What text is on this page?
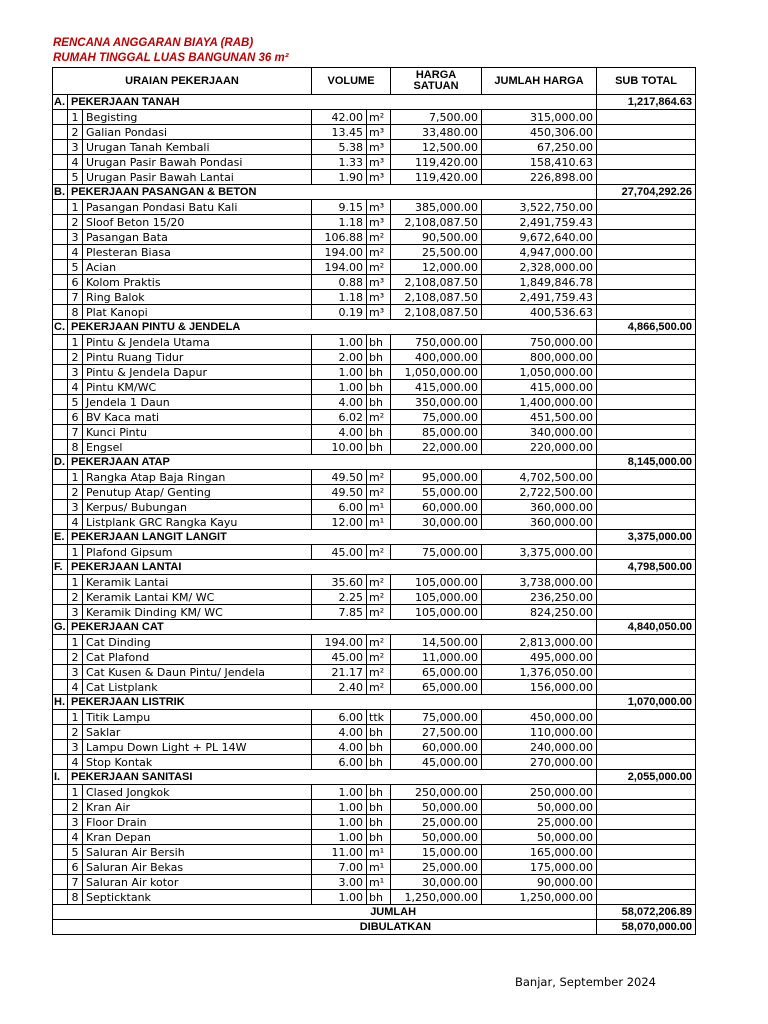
RENCANA ANGGARAN BIAYA (RAB)
RUMAH TINGGAL LUAS BANGUNAN 36 m²
URAIAN PEKERJAAN			VOLUME		HARGA SATUAN	JUMLAH HARGA	SUB TOTAL
A.	PEKERJAAN TANAH						1,217,864.63
	1	Begisting	42.00	m²	7,500.00	315,000.00	
	2	Galian Pondasi	13.45	m³	33,480.00	450,306.00	
	3	Urugan Tanah Kembali	5.38	m³	12,500.00	67,250.00	
	4	Urugan Pasir Bawah Pondasi	1.33	m³	119,420.00	158,410.63	
	5	Urugan Pasir Bawah Lantai	1.90	m³	119,420.00	226,898.00	
B.	PEKERJAAN PASANGAN & BETON						27,704,292.26
	1	Pasangan Pondasi Batu Kali	9.15	m³	385,000.00	3,522,750.00	
	2	Sloof Beton 15/20	1.18	m³	2,108,087.50	2,491,759.43	
	3	Pasangan Bata	106.88	m²	90,500.00	9,672,640.00	
	4	Plesteran Biasa	194.00	m²	25,500.00	4,947,000.00	
	5	Acian	194.00	m²	12,000.00	2,328,000.00	
	6	Kolom Praktis	0.88	m³	2,108,087.50	1,849,846.78	
	7	Ring Balok	1.18	m³	2,108,087.50	2,491,759.43	
	8	Plat Kanopi	0.19	m³	2,108,087.50	400,536.63	
C.	PEKERJAAN PINTU & JENDELA						4,866,500.00
	1	Pintu & Jendela Utama	1.00	bh	750,000.00	750,000.00	
	2	Pintu Ruang Tidur	2.00	bh	400,000.00	800,000.00	
	3	Pintu & Jendela Dapur	1.00	bh	1,050,000.00	1,050,000.00	
	4	Pintu KM/WC	1.00	bh	415,000.00	415,000.00	
	5	Jendela 1 Daun	4.00	bh	350,000.00	1,400,000.00	
	6	BV Kaca mati	6.02	m²	75,000.00	451,500.00	
	7	Kunci Pintu	4.00	bh	85,000.00	340,000.00	
	8	Engsel	10.00	bh	22,000.00	220,000.00	
D.	PEKERJAAN ATAP						8,145,000.00
	1	Rangka Atap Baja Ringan	49.50	m²	95,000.00	4,702,500.00	
	2	Penutup Atap/ Genting	49.50	m²	55,000.00	2,722,500.00	
	3	Kerpus/ Bubungan	6.00	m¹	60,000.00	360,000.00	
	4	Listplank GRC Rangka Kayu	12.00	m¹	30,000.00	360,000.00	
E.	PEKERJAAN LANGIT LANGIT						3,375,000.00
	1	Plafond Gipsum	45.00	m²	75,000.00	3,375,000.00	
F.	PEKERJAAN LANTAI						4,798,500.00
	1	Keramik Lantai	35.60	m²	105,000.00	3,738,000.00	
	2	Keramik Lantai KM/ WC	2.25	m²	105,000.00	236,250.00	
	3	Keramik Dinding KM/ WC	7.85	m²	105,000.00	824,250.00	
G.	PEKERJAAN CAT						4,840,050.00
	1	Cat Dinding	194.00	m²	14,500.00	2,813,000.00	
	2	Cat Plafond	45.00	m²	11,000.00	495,000.00	
	3	Cat Kusen & Daun Pintu/ Jendela	21.17	m²	65,000.00	1,376,050.00	
	4	Cat Listplank	2.40	m²	65,000.00	156,000.00	
H.	PEKERJAAN LISTRIK						1,070,000.00
	1	Titik Lampu	6.00	ttk	75,000.00	450,000.00	
	2	Saklar	4.00	bh	27,500.00	110,000.00	
	3	Lampu Down Light + PL 14W	4.00	bh	60,000.00	240,000.00	
	4	Stop Kontak	6.00	bh	45,000.00	270,000.00	
I.	PEKERJAAN SANITASI						2,055,000.00
	1	Clased Jongkok	1.00	bh	250,000.00	250,000.00	
	2	Kran Air	1.00	bh	50,000.00	50,000.00	
	3	Floor Drain	1.00	bh	25,000.00	25,000.00	
	4	Kran Depan	1.00	bh	50,000.00	50,000.00	
	5	Saluran Air Bersih	11.00	m¹	15,000.00	165,000.00	
	6	Saluran Air Bekas	7.00	m¹	25,000.00	175,000.00	
	7	Saluran Air kotor	3.00	m¹	30,000.00	90,000.00	
	8	Septicktank	1.00	bh	1,250,000.00	1,250,000.00	
JUMLAH							58,072,206.89
DIBULATKAN							58,070,000.00
Banjar, September 2024
